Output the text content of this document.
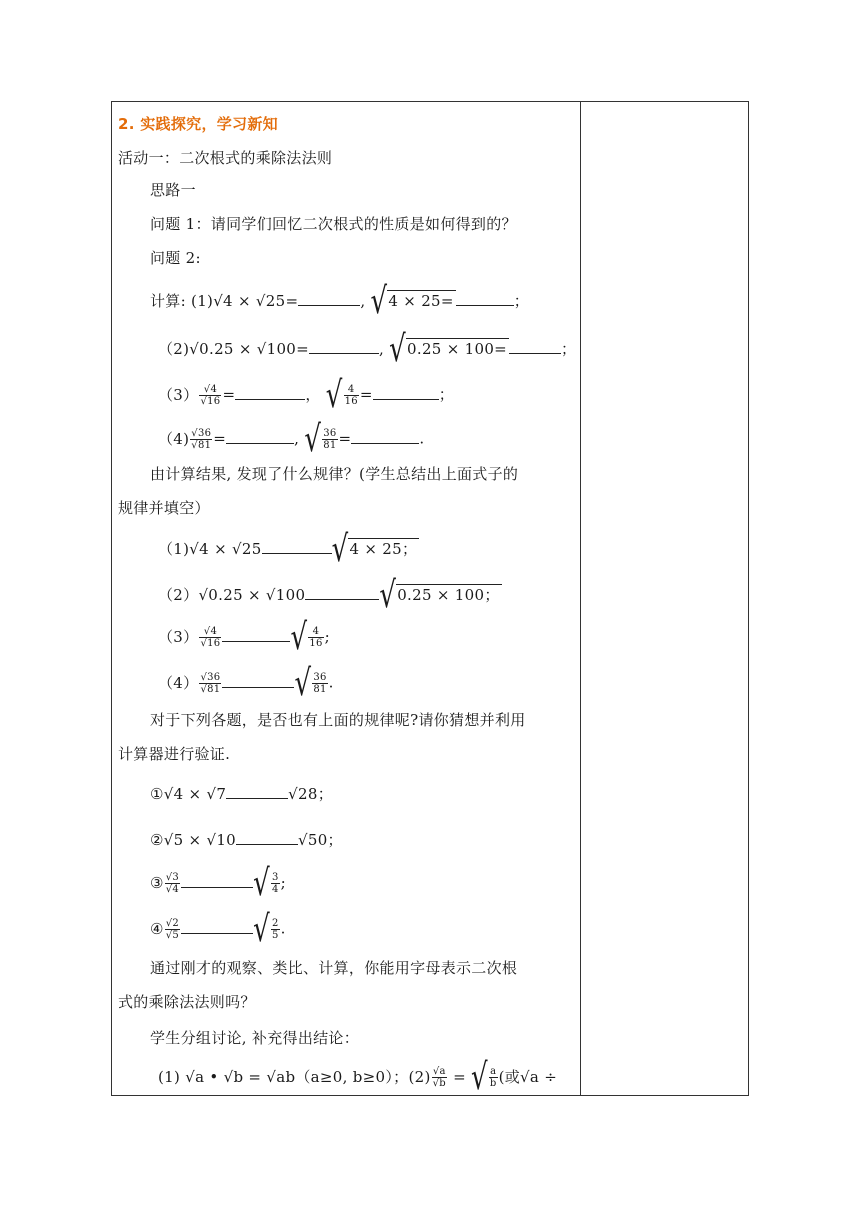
2. 实践探究，学习新知
活动一：二次根式的乘除法法则
思路一
问题 1：请同学们回忆二次根式的性质是如何得到的？
问题 2:
计算: (1)√4 × √25=	, √4 × 25=	；
（2)√0.25 × √100=	, √0.25 × 100=	；
$(3) \frac{√4}{√16}$ =	， √ $\frac{4}{16}$ =	；
$(4) \frac{√36}{√81}$ =	, √ $\frac{36}{81}$ =	.
由计算结果, 发现了什么规律？(学生总结出上面式子的
规律并填空）
（1)√4 × √25	√4 × 25；
（2）√0.25 × √100	√0.25 × 100；
$(3) \frac{√4}{√16}$	√ $\frac{4}{16}$ ;
$(4) \frac{√36}{√81}$	√ $\frac{36}{81}$ .
对于下列各题，是否也有上面的规律呢?请你猜想并利用
计算器进行验证.
①√4 × √7	√28；
②√5 × √10	√50；
③ $\frac{√3}{√4}$	√ $\frac{3}{4}$ ;
④ $\frac{√2}{√5}$	√ $\frac{2}{5}$ .
通过刚才的观察、类比、计算，你能用字母表示二次根
式的乘除法法则吗？
学生分组讨论, 补充得出结论：
(1) √a • √b = √ab（a≥0, b≥0）；$(2) \frac{√a}{√b}$ = √ $\frac{a}{b}$ (或√a ÷
